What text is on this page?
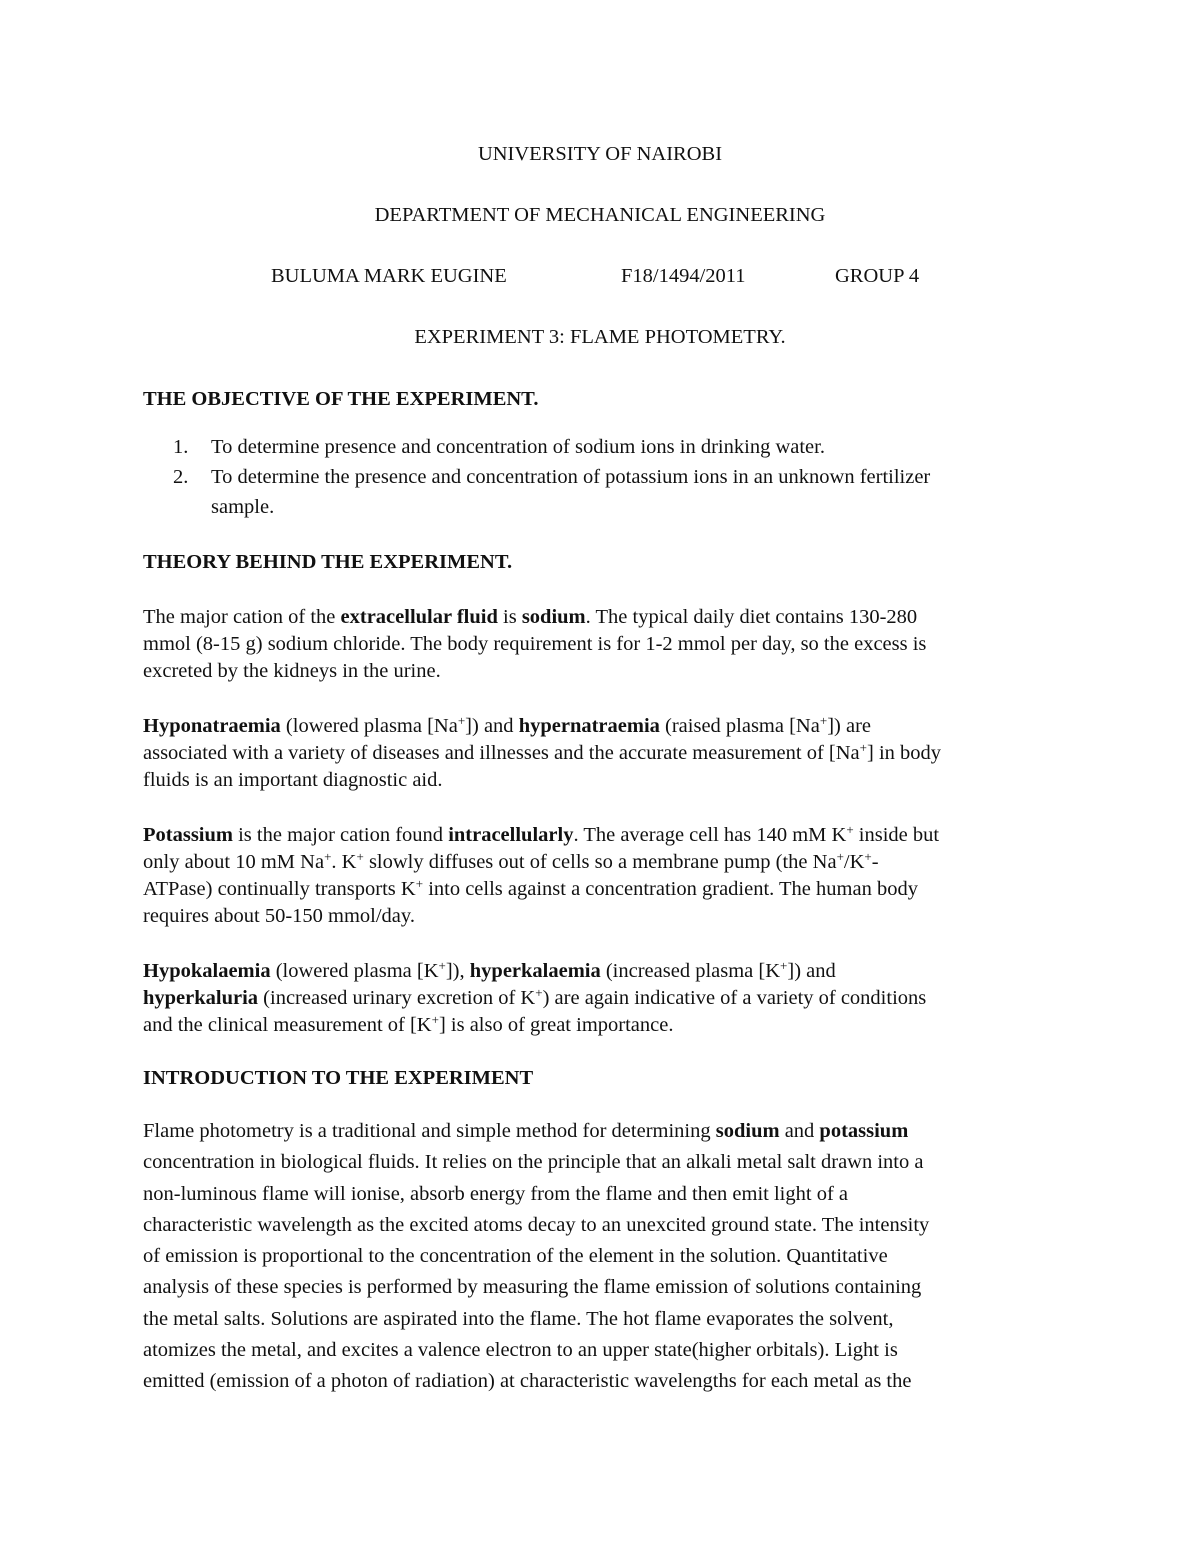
UNIVERSITY OF NAIROBI
DEPARTMENT OF MECHANICAL ENGINEERING
BULUMA MARK EUGINE	F18/1494/2011	GROUP 4
EXPERIMENT 3: FLAME PHOTOMETRY.
THE OBJECTIVE OF THE EXPERIMENT.
1. To determine presence and concentration of sodium ions in drinking water.
2. To determine the presence and concentration of potassium ions in an unknown fertilizer
sample.
THEORY BEHIND THE EXPERIMENT.
The major cation of the extracellular fluid is sodium. The typical daily diet contains 130-280
mmol (8-15 g) sodium chloride. The body requirement is for 1-2 mmol per day, so the excess is
excreted by the kidneys in the urine.
Hyponatraemia (lowered plasma [Na+]) and hypernatraemia (raised plasma [Na+]) are
associated with a variety of diseases and illnesses and the accurate measurement of [Na+] in body
fluids is an important diagnostic aid.
Potassium is the major cation found intracellularly. The average cell has 140 mM K+ inside but
only about 10 mM Na+. K+ slowly diffuses out of cells so a membrane pump (the Na+/K+-
ATPase) continually transports K+ into cells against a concentration gradient. The human body
requires about 50-150 mmol/day.
Hypokalaemia (lowered plasma [K+]), hyperkalaemia (increased plasma [K+]) and
hyperkaluria (increased urinary excretion of K+) are again indicative of a variety of conditions
and the clinical measurement of [K+] is also of great importance.
INTRODUCTION TO THE EXPERIMENT
Flame photometry is a traditional and simple method for determining sodium and potassium
concentration in biological fluids. It relies on the principle that an alkali metal salt drawn into a
non-luminous flame will ionise, absorb energy from the flame and then emit light of a
characteristic wavelength as the excited atoms decay to an unexcited ground state. The intensity
of emission is proportional to the concentration of the element in the solution. Quantitative
analysis of these species is performed by measuring the flame emission of solutions containing
the metal salts. Solutions are aspirated into the flame. The hot flame evaporates the solvent,
atomizes the metal, and excites a valence electron to an upper state(higher orbitals). Light is
emitted (emission of a photon of radiation) at characteristic wavelengths for each metal as the
